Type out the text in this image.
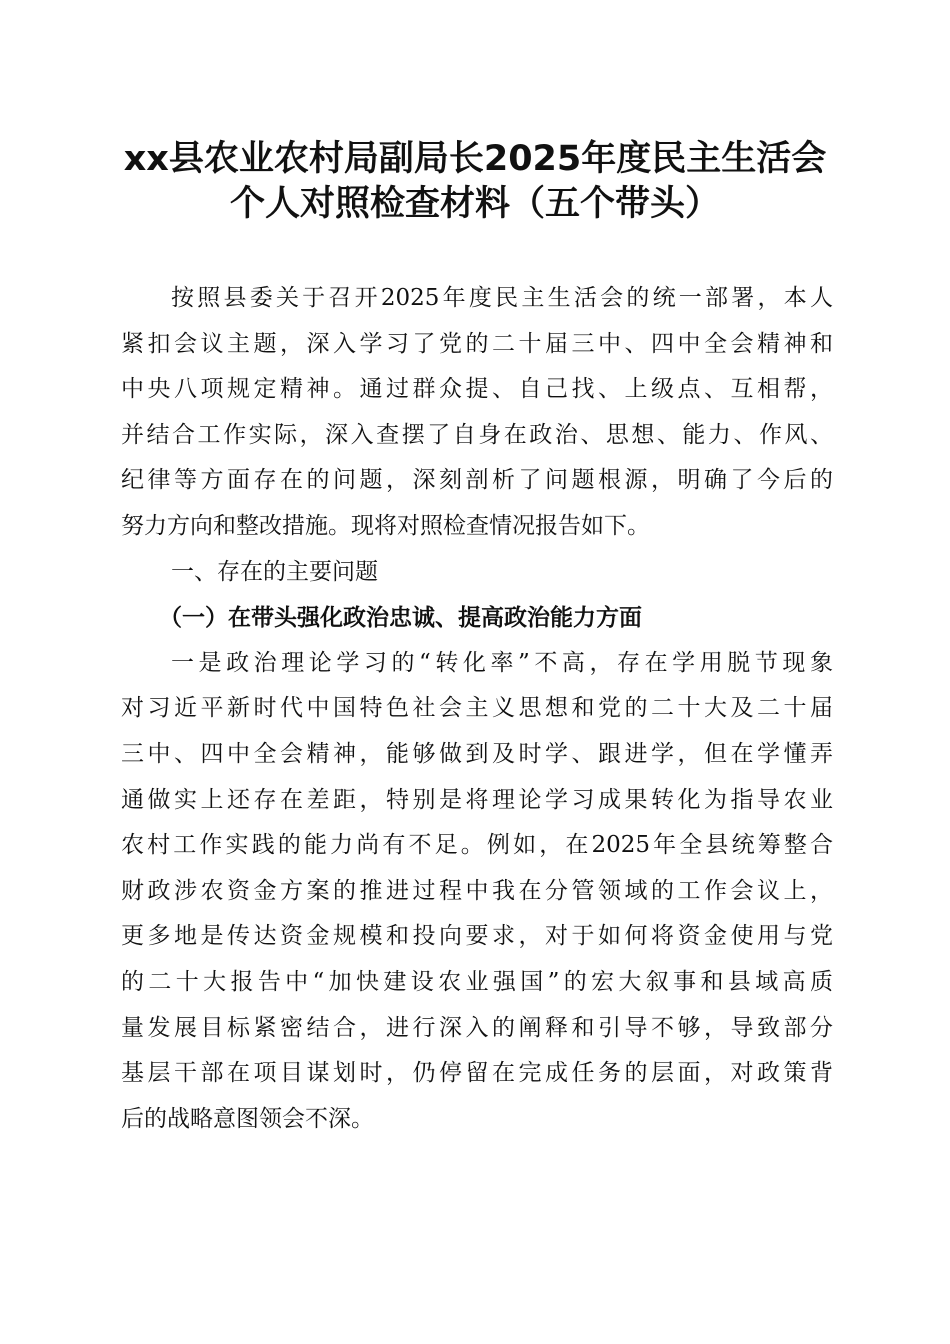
xx县农业农村局副局长2025年度民主生活会
个人对照检查材料（五个带头）
按照县委关于召开2025年度民主生活会的统一部署，本人
紧扣会议主题，深入学习了党的二十届三中、四中全会精神和
中央八项规定精神。通过群众提、自己找、上级点、互相帮，
并结合工作实际，深入查摆了自身在政治、思想、能力、作风、
纪律等方面存在的问题，深刻剖析了问题根源，明确了今后的
努力方向和整改措施。现将对照检查情况报告如下。
一、存在的主要问题
（一）在带头强化政治忠诚、提高政治能力方面
一是政治理论学习的“转化率”不高，存在学用脱节现象
对习近平新时代中国特色社会主义思想和党的二十大及二十届
三中、四中全会精神，能够做到及时学、跟进学，但在学懂弄
通做实上还存在差距，特别是将理论学习成果转化为指导农业
农村工作实践的能力尚有不足。例如，在2025年全县统筹整合
财政涉农资金方案的推进过程中我在分管领域的工作会议上，
更多地是传达资金规模和投向要求，对于如何将资金使用与党
的二十大报告中“加快建设农业强国”的宏大叙事和县域高质
量发展目标紧密结合，进行深入的阐释和引导不够，导致部分
基层干部在项目谋划时，仍停留在完成任务的层面，对政策背
后的战略意图领会不深。
